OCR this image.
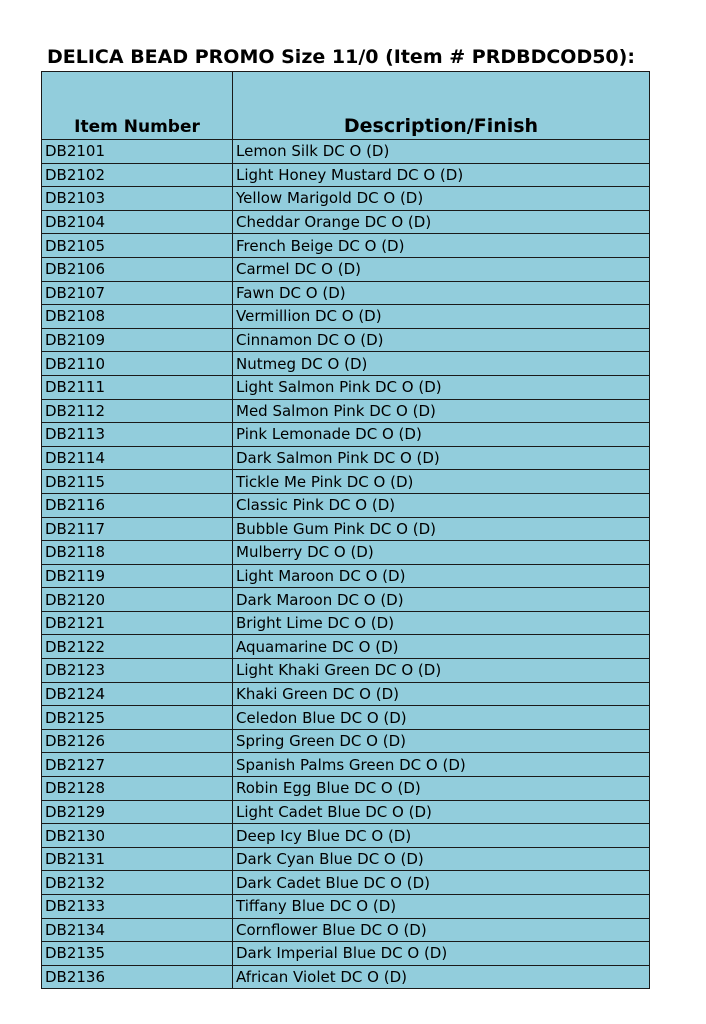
DELICA BEAD PROMO Size 11/0 (Item # PRDBDCOD50):
Item Number	Description/Finish
DB2101	Lemon Silk DC O (D)
DB2102	Light Honey Mustard DC O (D)
DB2103	Yellow Marigold DC O (D)
DB2104	Cheddar Orange DC O (D)
DB2105	French Beige DC O (D)
DB2106	Carmel DC O (D)
DB2107	Fawn DC O (D)
DB2108	Vermillion DC O (D)
DB2109	Cinnamon DC O (D)
DB2110	Nutmeg DC O (D)
DB2111	Light Salmon Pink DC O (D)
DB2112	Med Salmon Pink DC O (D)
DB2113	Pink Lemonade DC O (D)
DB2114	Dark Salmon Pink DC O (D)
DB2115	Tickle Me Pink DC O (D)
DB2116	Classic Pink DC O (D)
DB2117	Bubble Gum Pink DC O (D)
DB2118	Mulberry DC O (D)
DB2119	Light Maroon DC O (D)
DB2120	Dark Maroon DC O (D)
DB2121	Bright Lime DC O (D)
DB2122	Aquamarine DC O (D)
DB2123	Light Khaki Green DC O (D)
DB2124	Khaki Green DC O (D)
DB2125	Celedon Blue DC O (D)
DB2126	Spring Green DC O (D)
DB2127	Spanish Palms Green DC O (D)
DB2128	Robin Egg Blue DC O (D)
DB2129	Light Cadet Blue DC O (D)
DB2130	Deep Icy Blue DC O (D)
DB2131	Dark Cyan Blue DC O (D)
DB2132	Dark Cadet Blue DC O (D)
DB2133	Tiffany Blue DC O (D)
DB2134	Cornflower Blue DC O (D)
DB2135	Dark Imperial Blue DC O (D)
DB2136	African Violet DC O (D)
